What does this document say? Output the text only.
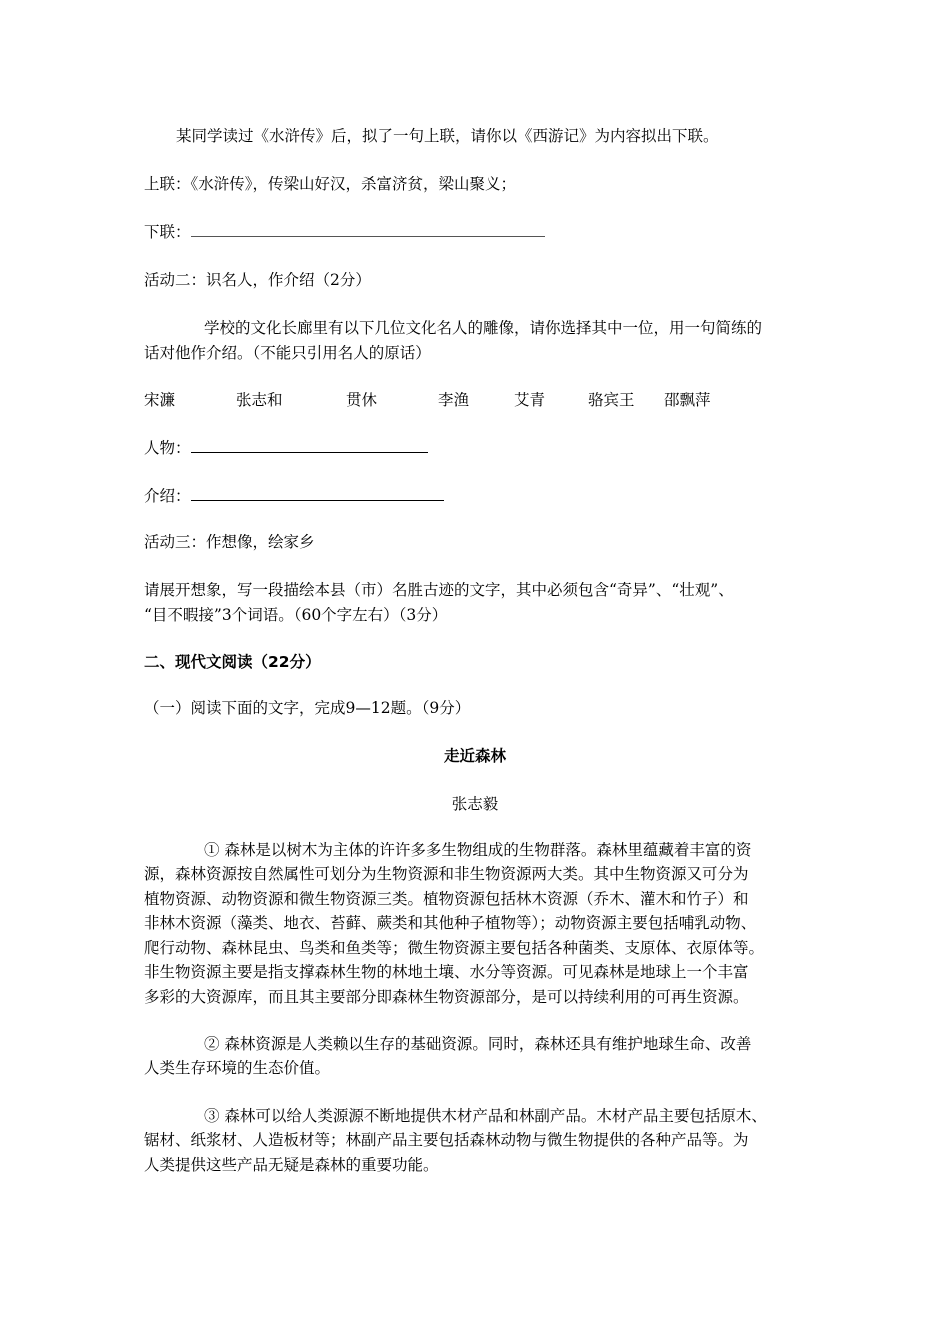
某同学读过《水浒传》后，拟了一句上联，请你以《西游记》为内容拟出下联。
上联：《水浒传》，传梁山好汉，杀富济贫，梁山聚义；
下联：
活动二：识名人，作介绍（2分）
学校的文化长廊里有以下几位文化名人的雕像，请你选择其中一位，用一句简练的
话对他作介绍。（不能只引用名人的原话）
宋濂	张志和	贯休	李渔	艾青	骆宾王 邵飘萍
人物：
介绍：
活动三：作想像，绘家乡
请展开想象，写一段描绘本县（市）名胜古迹的文字，其中必须包含“奇异”、“壮观”、
“目不暇接”3个词语。（60个字左右）（3分）
二、现代文阅读（22分）
（一）阅读下面的文字，完成9—12题。（9分）
走近森林
张志毅
① 森林是以树木为主体的许许多多生物组成的生物群落。森林里蕴藏着丰富的资
源，森林资源按自然属性可划分为生物资源和非生物资源两大类。其中生物资源又可分为
植物资源、动物资源和微生物资源三类。植物资源包括林木资源（乔木、灌木和竹子）和
非林木资源（藻类、地衣、苔藓、蕨类和其他种子植物等）；动物资源主要包括哺乳动物、
爬行动物、森林昆虫、鸟类和鱼类等；微生物资源主要包括各种菌类、支原体、衣原体等。
非生物资源主要是指支撑森林生物的林地土壤、水分等资源。可见森林是地球上一个丰富
多彩的大资源库，而且其主要部分即森林生物资源部分，是可以持续利用的可再生资源。
② 森林资源是人类赖以生存的基础资源。同时，森林还具有维护地球生命、改善
人类生存环境的生态价值。
③ 森林可以给人类源源不断地提供木材产品和林副产品。木材产品主要包括原木、
锯材、纸浆材、人造板材等；林副产品主要包括森林动物与微生物提供的各种产品等。为
人类提供这些产品无疑是森林的重要功能。
